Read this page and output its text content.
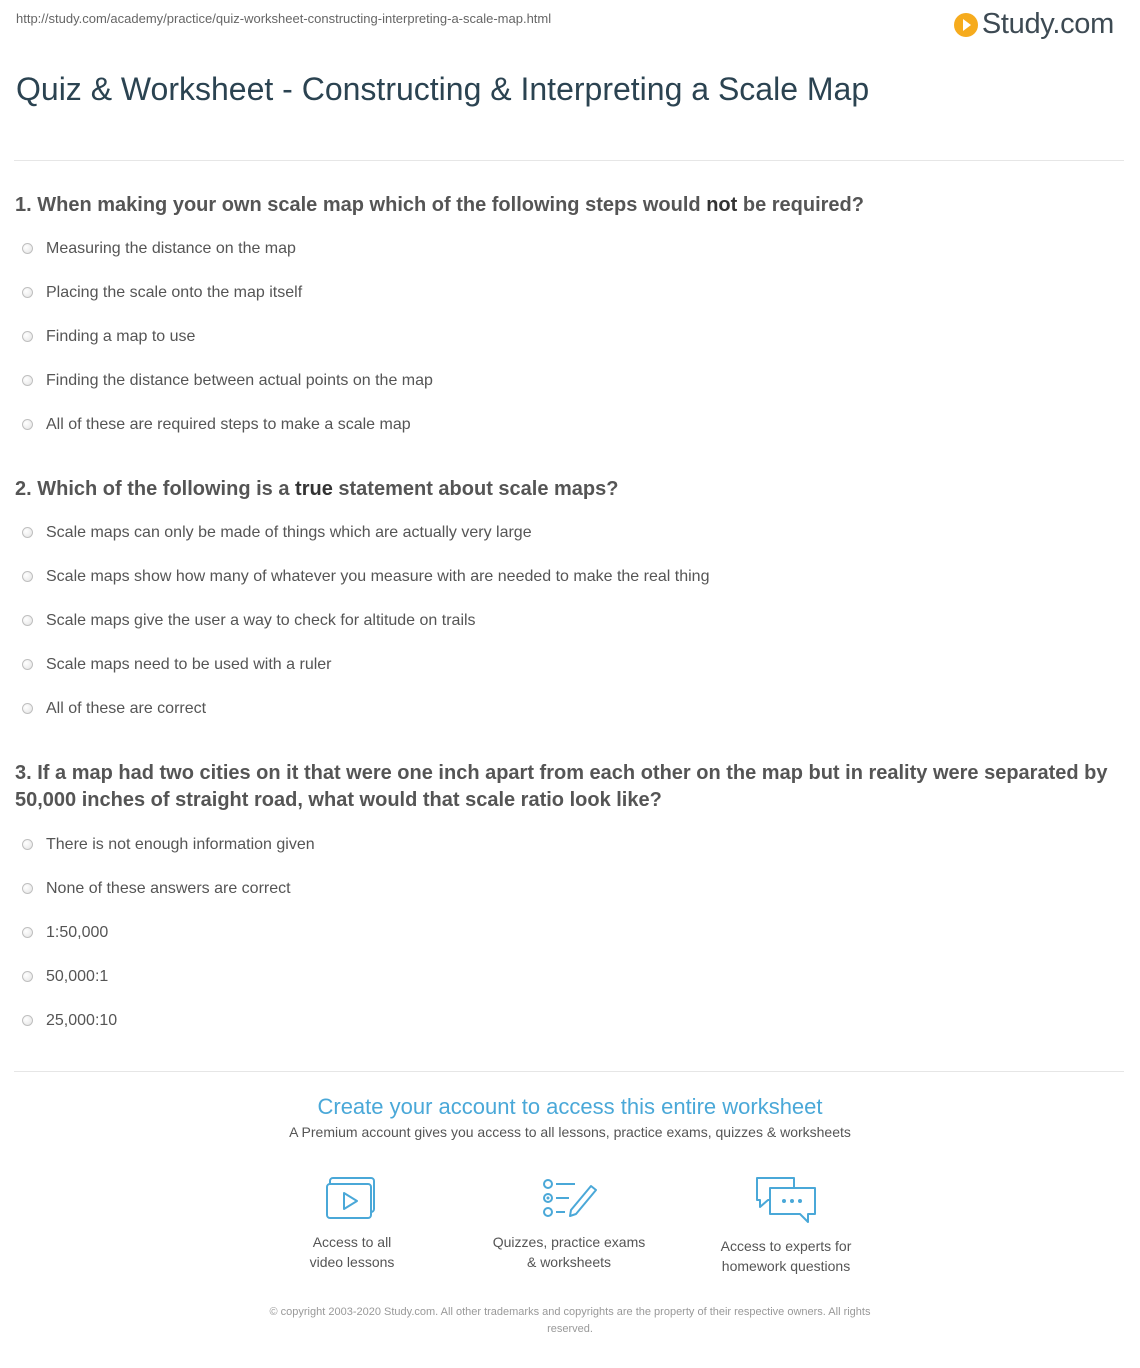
http://study.com/academy/practice/quiz-worksheet-constructing-interpreting-a-scale-map.html	Study.com
Quiz & Worksheet - Constructing & Interpreting a Scale Map

1. When making your own scale map which of the following steps would not be required?

Measuring the distance on the map
Placing the scale onto the map itself
Finding a map to use
Finding the distance between actual points on the map
All of these are required steps to make a scale map

2. Which of the following is a true statement about scale maps?

Scale maps can only be made of things which are actually very large
Scale maps show how many of whatever you measure with are needed to make the real thing
Scale maps give the user a way to check for altitude on trails
Scale maps need to be used with a ruler
All of these are correct

3. If a map had two cities on it that were one inch apart from each other on the map but in reality were separated by 50,000 inches of straight road, what would that scale ratio look like?

There is not enough information given
None of these answers are correct
1:50,000
50,000:1
25,000:10
Create your account to access this entire worksheet
A Premium account gives you access to all lessons, practice exams, quizzes & worksheets
Access to all
video lessons
Quizzes, practice exams
& worksheets
Access to experts for
homework questions
© copyright 2003-2020 Study.com. All other trademarks and copyrights are the property of their respective owners. All rights
reserved.
